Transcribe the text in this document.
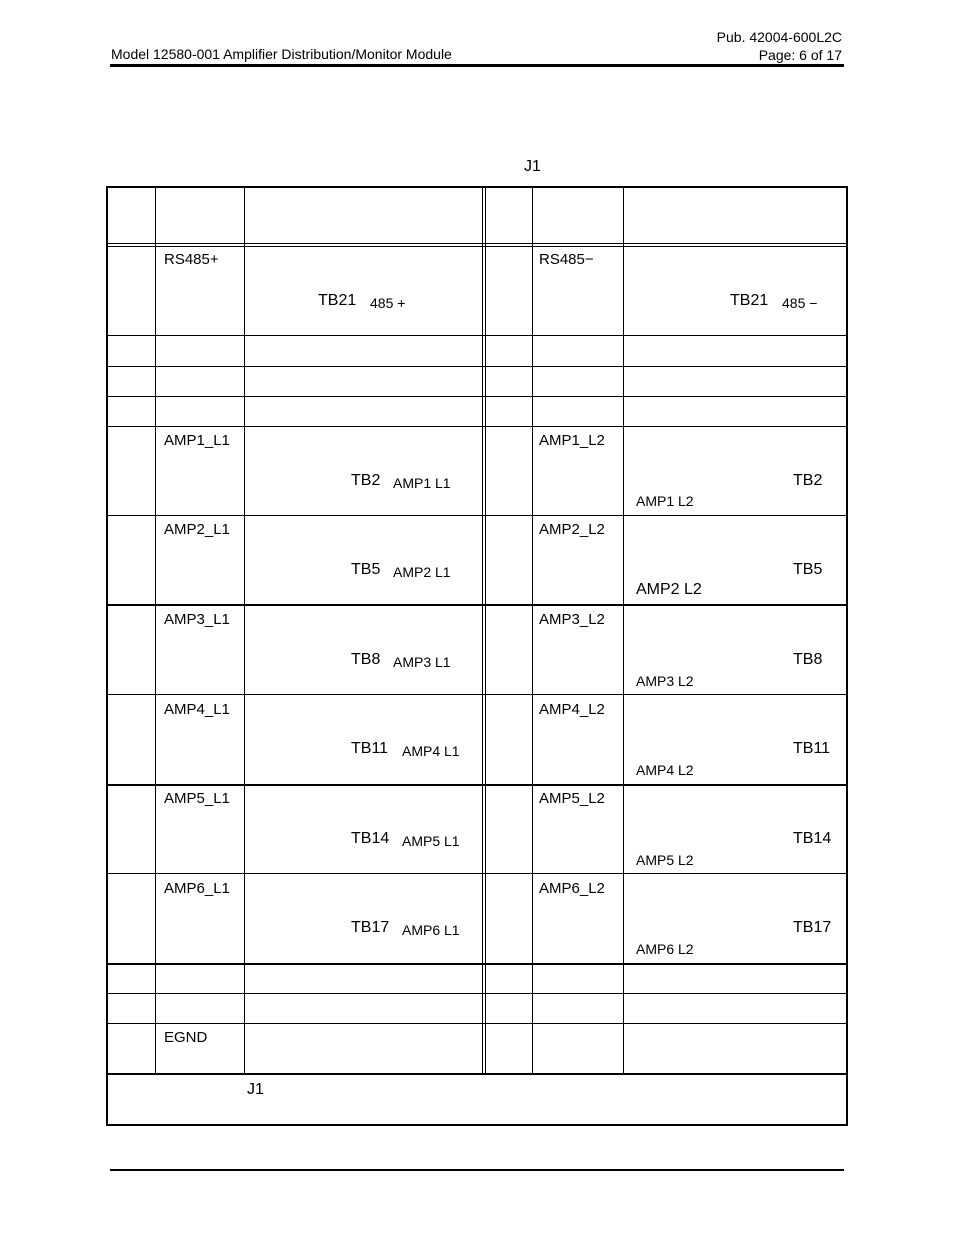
Model 12580-001 Amplifier Distribution/Monitor Module
Pub. 42004-600L2C
Page: 6 of 17
J1
RS485+
TB21 485 +
RS485−
TB21 485 −
AMP1_L1
TB2 AMP1 L1
AMP1_L2
TB2
AMP1 L2
AMP2_L1
TB5 AMP2 L1
AMP2_L2
TB5
AMP2 L2
AMP3_L1
TB8 AMP3 L1
AMP3_L2
TB8
AMP3 L2
AMP4_L1
TB11 AMP4 L1
AMP4_L2
TB11
AMP4 L2
AMP5_L1
TB14 AMP5 L1
AMP5_L2
TB14
AMP5 L2
AMP6_L1
TB17 AMP6 L1
AMP6_L2
TB17
AMP6 L2
EGND
J1
